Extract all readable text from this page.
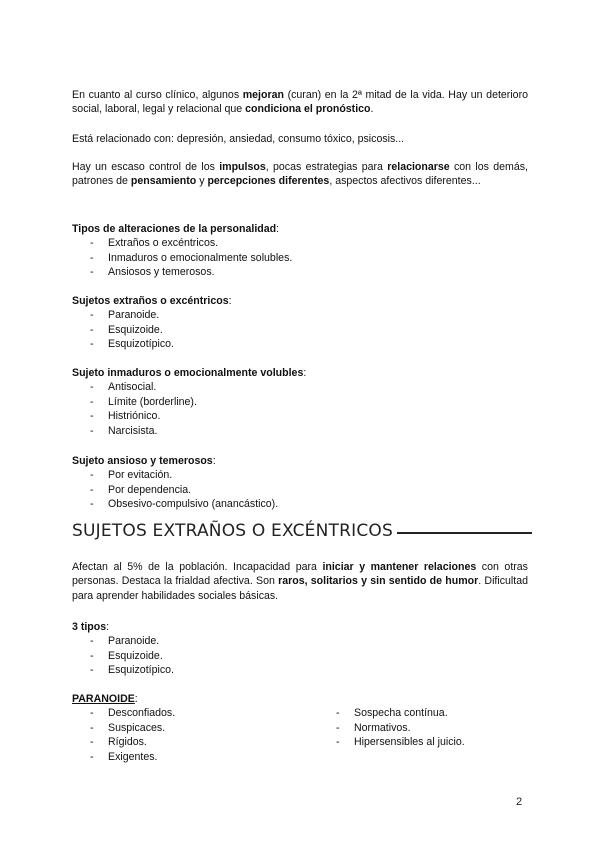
En cuanto al curso clínico, algunos mejoran (curan) en la 2ª mitad de la vida. Hay un deterioro social, laboral, legal y relacional que condiciona el pronóstico.

Está relacionado con: depresión, ansiedad, consumo tóxico, psicosis...

Hay un escaso control de los impulsos, pocas estrategias para relacionarse con los demás, patrones de pensamiento y percepciones diferentes, aspectos afectivos diferentes...

Tipos de alteraciones de la personalidad:

- Extraños o excéntricos.
- Inmaduros o emocionalmente solubles.
- Ansiosos y temerosos.

Sujetos extraños o excéntricos:

- Paranoide.
- Esquizoide.
- Esquizotípico.

Sujeto inmaduros o emocionalmente volubles:

- Antisocial.
- Límite (borderline).
- Histriónico.
- Narcisista.

Sujeto ansioso y temerosos:

- Por evitación.
- Por dependencia.
- Obsesivo-compulsivo (anancástico).
SUJETOS EXTRAÑOS O EXCÉNTRICOS

Afectan al 5% de la población. Incapacidad para iniciar y mantener relaciones con otras personas. Destaca la frialdad afectiva. Son raros, solitarios y sin sentido de humor. Dificultad para aprender habilidades sociales básicas.

3 tipos:

- Paranoide.
- Esquizoide.
- Esquizotípico.

PARANOIDE:

- Desconfiados.
- Suspicaces.
- Rígidos.
- Exigentes.
- Sospecha contínua.
- Normativos.
- Hipersensibles al juicio.
2
